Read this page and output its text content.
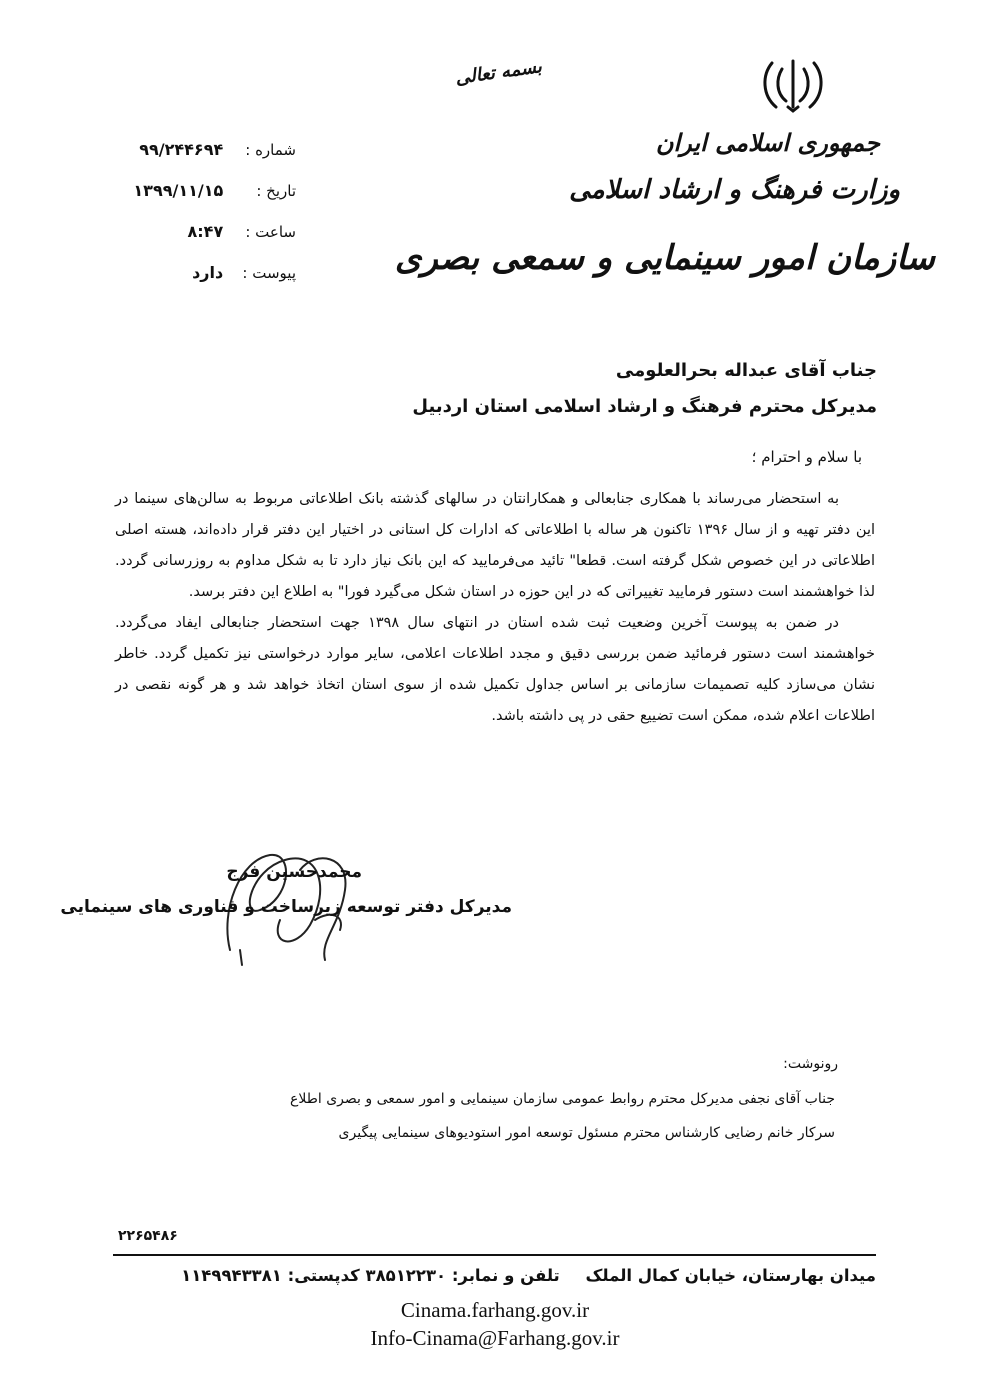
بسمه تعالی
جمهوری اسلامی ایران
وزارت فرهنگ و ارشاد اسلامی
سازمان امور سینمایی و سمعی بصری
شماره : ۹۹/۲۴۴۶۹۴
تاریخ : ۱۳۹۹/۱۱/۱۵
ساعت : ۸:۴۷
پیوست : دارد
جناب آقای عبداله بحرالعلومی
مدیرکل محترم فرهنگ و ارشاد اسلامی استان اردبیل
با سلام و احترام ؛

به استحضار می‌رساند با همکاری جنابعالی و همکارانتان در سالهای گذشته بانک اطلاعاتی مربوط به سالن‌های سینما در این دفتر تهیه و از سال ۱۳۹۶ تاکنون هر ساله با اطلاعاتی که ادارات کل استانی در اختیار این دفتر قرار داده‌اند، هسته اصلی اطلاعاتی در این خصوص شکل گرفته است. قطعا" تائید می‌فرمایید که این بانک نیاز دارد تا به شکل مداوم به روزرسانی گردد. لذا خواهشمند است دستور فرمایید تغییراتی که در این حوزه در استان شکل می‌گیرد فورا" به اطلاع این دفتر برسد.

در ضمن به پیوست آخرین وضعیت ثبت شده استان در انتهای سال ۱۳۹۸ جهت استحضار جنابعالی ایفاد می‌گردد. خواهشمند است دستور فرمائید ضمن بررسی دقیق و مجدد اطلاعات اعلامی، سایر موارد درخواستی نیز تکمیل گردد. خاطر نشان می‌سازد کلیه تصمیمات سازمانی بر اساس جداول تکمیل شده از سوی استان اتخاذ خواهد شد و هر گونه نقصی در اطلاعات اعلام شده، ممکن است تضییع حقی در پی داشته باشد.

محمدحسین فرج
مدیرکل دفتر توسعه زیرساخت و فناوری های سینمایی
رونوشت:
جناب آقای نجفی مدیرکل محترم روابط عمومی سازمان سینمایی و امور سمعی و بصری اطلاع
سرکار خانم رضایی کارشناس محترم مسئول توسعه امور استودیوهای سینمایی پیگیری
۲۲۶۵۴۸۶
میدان بهارستان، خیابان کمال الملک تلفن و نمابر: ۳۸۵۱۲۲۳۰ کدپستی: ۱۱۴۹۹۴۳۳۸۱
Cinama.farhang.gov.ir
Info-Cinama@Farhang.gov.ir
